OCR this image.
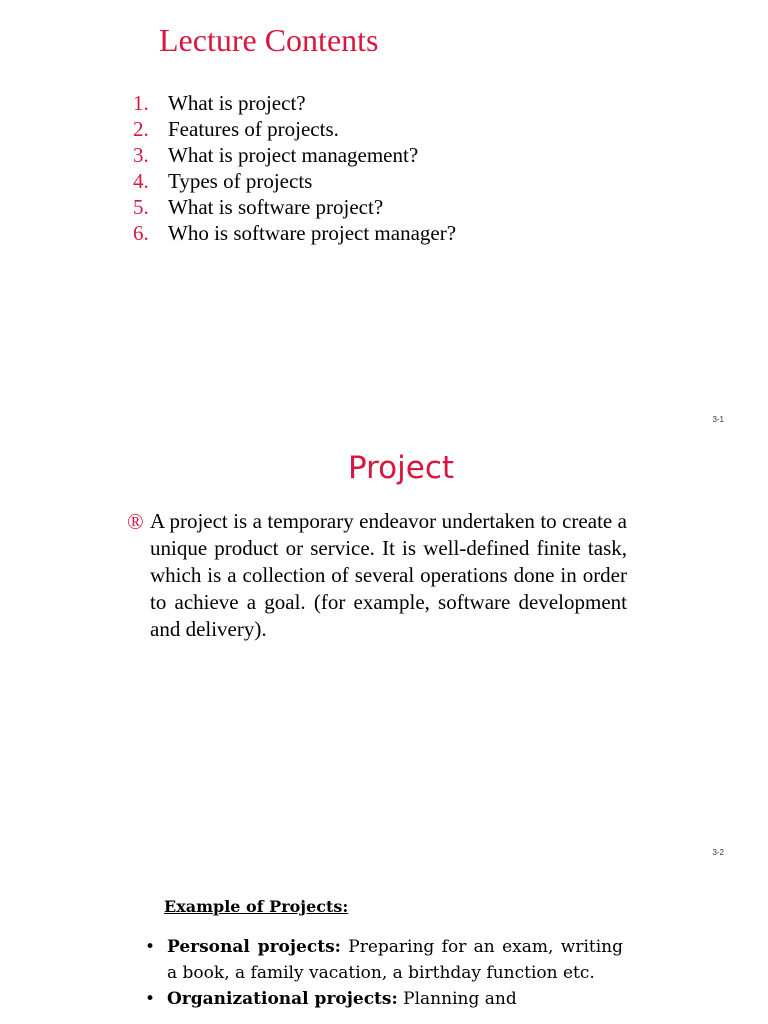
Lecture Contents
1. What is project?
2. Features of projects.
3. What is project management?
4. Types of projects
5. What is software project?
6. Who is software project manager?
3-1
Project
® A project is a temporary endeavor undertaken to create a unique product or service. It is well-defined finite task, which is a collection of several operations done in order to achieve a goal. (for example, software development and delivery).

3-2
Example of Projects:
• Personal projects: Preparing for an exam, writing a book, a family vacation, a birthday function etc.
• Organizational projects: Planning and
